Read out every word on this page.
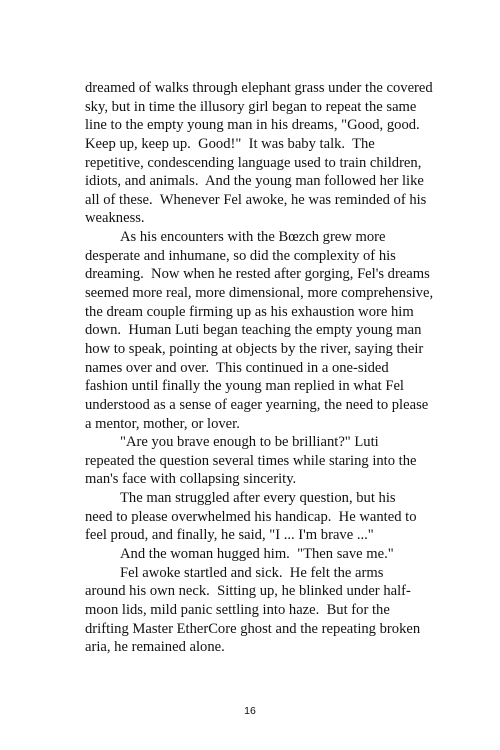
dreamed of walks through elephant grass under the covered
sky, but in time the illusory girl began to repeat the same
line to the empty young man in his dreams, "Good, good.
Keep up, keep up.  Good!"  It was baby talk.  The
repetitive, condescending language used to train children,
idiots, and animals.  And the young man followed her like
all of these.  Whenever Fel awoke, he was reminded of his
weakness.
As his encounters with the Bœzch grew more
desperate and inhumane, so did the complexity of his
dreaming.  Now when he rested after gorging, Fel's dreams
seemed more real, more dimensional, more comprehensive,
the dream couple firming up as his exhaustion wore him
down.  Human Luti began teaching the empty young man
how to speak, pointing at objects by the river, saying their
names over and over.  This continued in a one-sided
fashion until finally the young man replied in what Fel
understood as a sense of eager yearning, the need to please
a mentor, mother, or lover.
"Are you brave enough to be brilliant?" Luti
repeated the question several times while staring into the
man's face with collapsing sincerity.
The man struggled after every question, but his
need to please overwhelmed his handicap.  He wanted to
feel proud, and finally, he said, "I ... I'm brave ..."
And the woman hugged him.  "Then save me."
Fel awoke startled and sick.  He felt the arms
around his own neck.  Sitting up, he blinked under half-
moon lids, mild panic settling into haze.  But for the
drifting Master EtherCore ghost and the repeating broken
aria, he remained alone.
16
